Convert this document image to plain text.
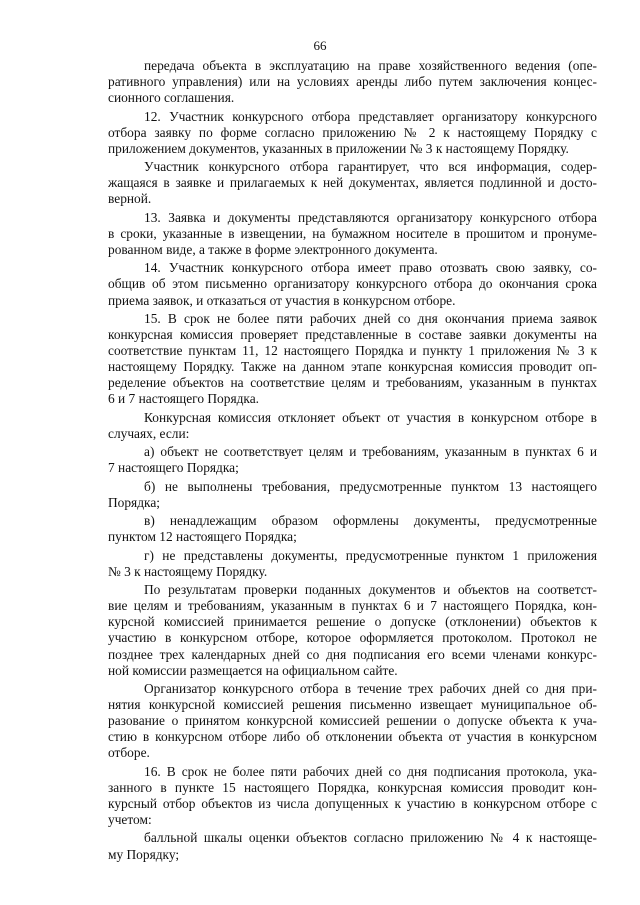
66
передача объекта в эксплуатацию на праве хозяйственного ведения (опе-
ративного управления) или на условиях аренды либо путем заключения концес-
сионного соглашения.
12. Участник конкурсного отбора представляет организатору конкурсного
отбора заявку по форме согласно приложению № 2 к настоящему Порядку с
приложением документов, указанных в приложении № 3 к настоящему Порядку.
Участник конкурсного отбора гарантирует, что вся информация, содер-
жащаяся в заявке и прилагаемых к ней документах, является подлинной и досто-
верной.
13. Заявка и документы представляются организатору конкурсного отбора
в сроки, указанные в извещении, на бумажном носителе в прошитом и пронуме-
рованном виде, а также в форме электронного документа.
14. Участник конкурсного отбора имеет право отозвать свою заявку, со-
общив об этом письменно организатору конкурсного отбора до окончания срока
приема заявок, и отказаться от участия в конкурсном отборе.
15. В срок не более пяти рабочих дней со дня окончания приема заявок
конкурсная комиссия проверяет представленные в составе заявки документы на
соответствие пунктам 11, 12 настоящего Порядка и пункту 1 приложения № 3 к
настоящему Порядку. Также на данном этапе конкурсная комиссия проводит оп-
ределение объектов на соответствие целям и требованиям, указанным в пунктах
6 и 7 настоящего Порядка.
Конкурсная комиссия отклоняет объект от участия в конкурсном отборе в
случаях, если:
а) объект не соответствует целям и требованиям, указанным в пунктах 6 и
7 настоящего Порядка;
б) не выполнены требования, предусмотренные пунктом 13 настоящего
Порядка;
в) ненадлежащим образом оформлены документы, предусмотренные
пунктом 12 настоящего Порядка;
г) не представлены документы, предусмотренные пунктом 1 приложения
№ 3 к настоящему Порядку.
По результатам проверки поданных документов и объектов на соответст-
вие целям и требованиям, указанным в пунктах 6 и 7 настоящего Порядка, кон-
курсной комиссией принимается решение о допуске (отклонении) объектов к
участию в конкурсном отборе, которое оформляется протоколом. Протокол не
позднее трех календарных дней со дня подписания его всеми членами конкурс-
ной комиссии размещается на официальном сайте.
Организатор конкурсного отбора в течение трех рабочих дней со дня при-
нятия конкурсной комиссией решения письменно извещает муниципальное об-
разование о принятом конкурсной комиссией решении о допуске объекта к уча-
стию в конкурсном отборе либо об отклонении объекта от участия в конкурсном
отборе.
16. В срок не более пяти рабочих дней со дня подписания протокола, ука-
занного в пункте 15 настоящего Порядка, конкурсная комиссия проводит кон-
курсный отбор объектов из числа допущенных к участию в конкурсном отборе с
учетом:
балльной шкалы оценки объектов согласно приложению № 4 к настояще-
му Порядку;
